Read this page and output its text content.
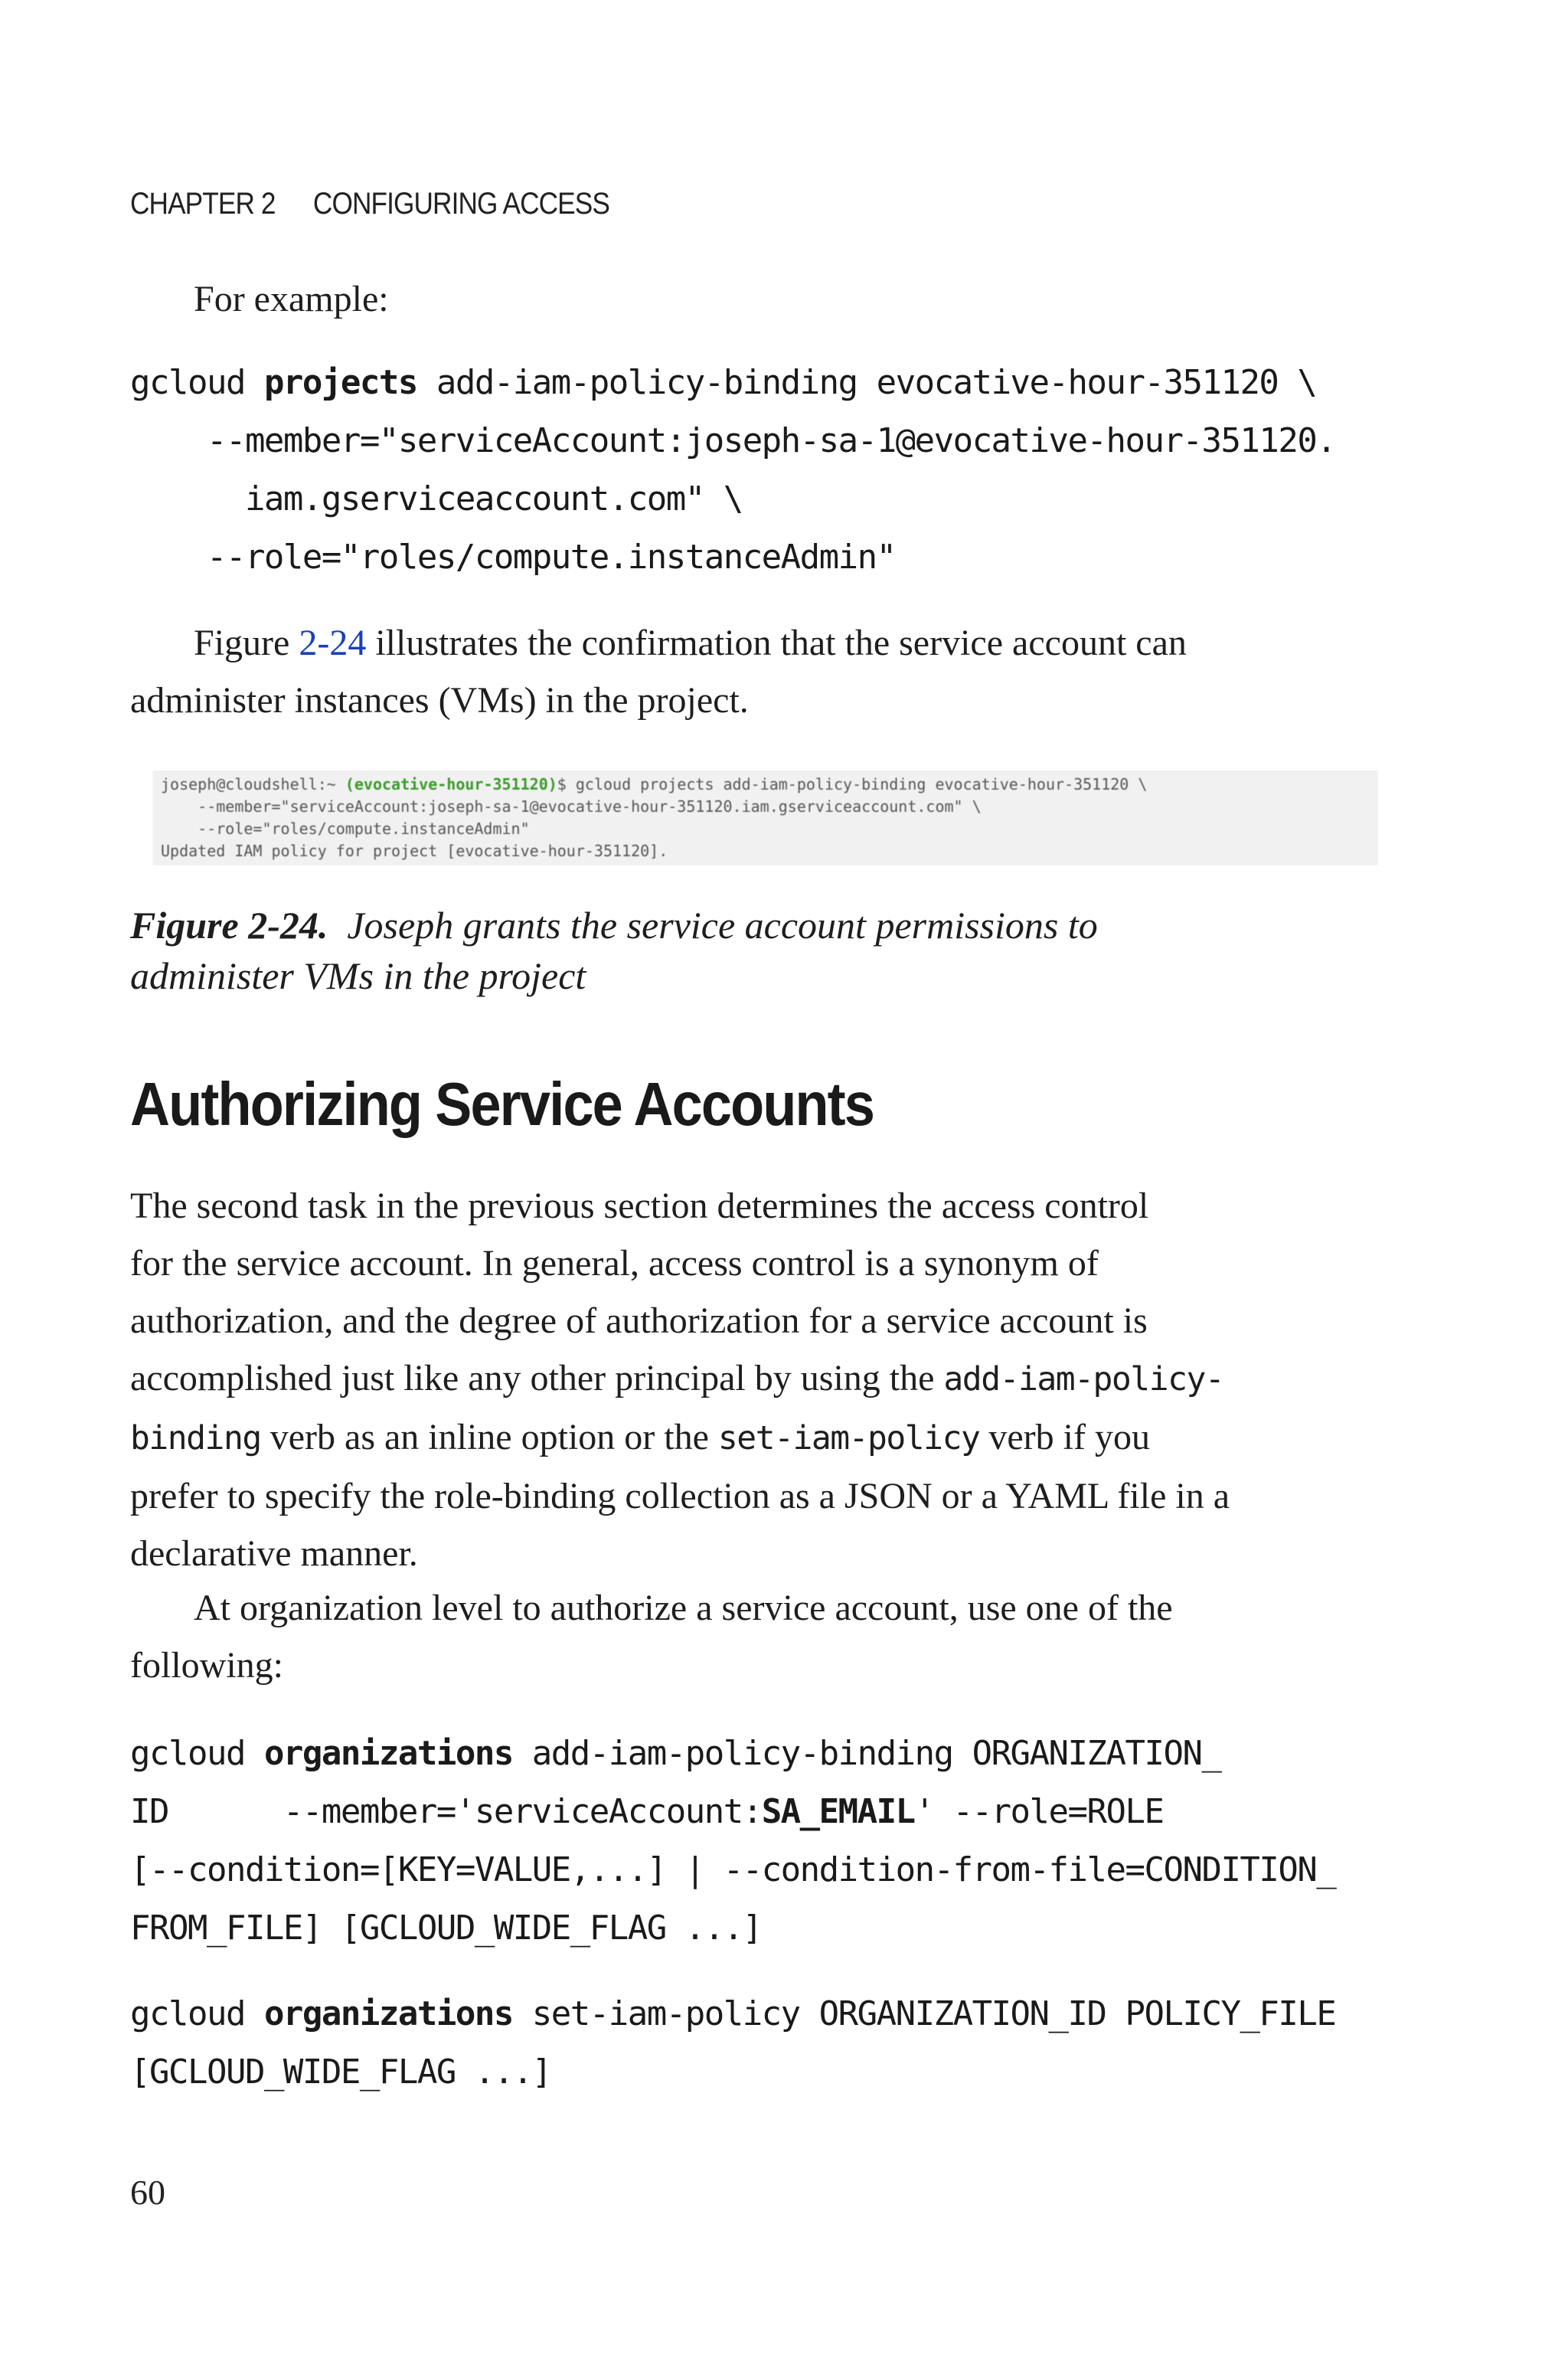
CHAPTER 2 CONFIGURING ACCESS
For example:
gcloud projects add-iam-policy-binding evocative-hour-351120 \
--member="serviceAccount:joseph-sa-1@evocative-hour-351120.
iam.gserviceaccount.com" \
--role="roles/compute.instanceAdmin"
Figure 2-24 illustrates the confirmation that the service account can
administer instances (VMs) in the project.
joseph@cloudshell:~ (evocative-hour-351120)$ gcloud projects add-iam-policy-binding evocative-hour-351120 \
--member="serviceAccount:joseph-sa-1@evocative-hour-351120.iam.gserviceaccount.com" \
--role="roles/compute.instanceAdmin"
Updated IAM policy for project [evocative-hour-351120].
Figure 2-24. Joseph grants the service account permissions to
administer VMs in the project
Authorizing Service Accounts
The second task in the previous section determines the access control
for the service account. In general, access control is a synonym of
authorization, and the degree of authorization for a service account is
accomplished just like any other principal by using the add-iam-policy-
binding verb as an inline option or the set-iam-policy verb if you
prefer to specify the role-binding collection as a JSON or a YAML file in a
declarative manner.
At organization level to authorize a service account, use one of the
following:
gcloud organizations add-iam-policy-binding ORGANIZATION_
ID      --member='serviceAccount:SA_EMAIL' --role=ROLE
[--condition=[KEY=VALUE,...] | --condition-from-file=CONDITION_
FROM_FILE] [GCLOUD_WIDE_FLAG ...]
gcloud organizations set-iam-policy ORGANIZATION_ID POLICY_FILE
[GCLOUD_WIDE_FLAG ...]
60
